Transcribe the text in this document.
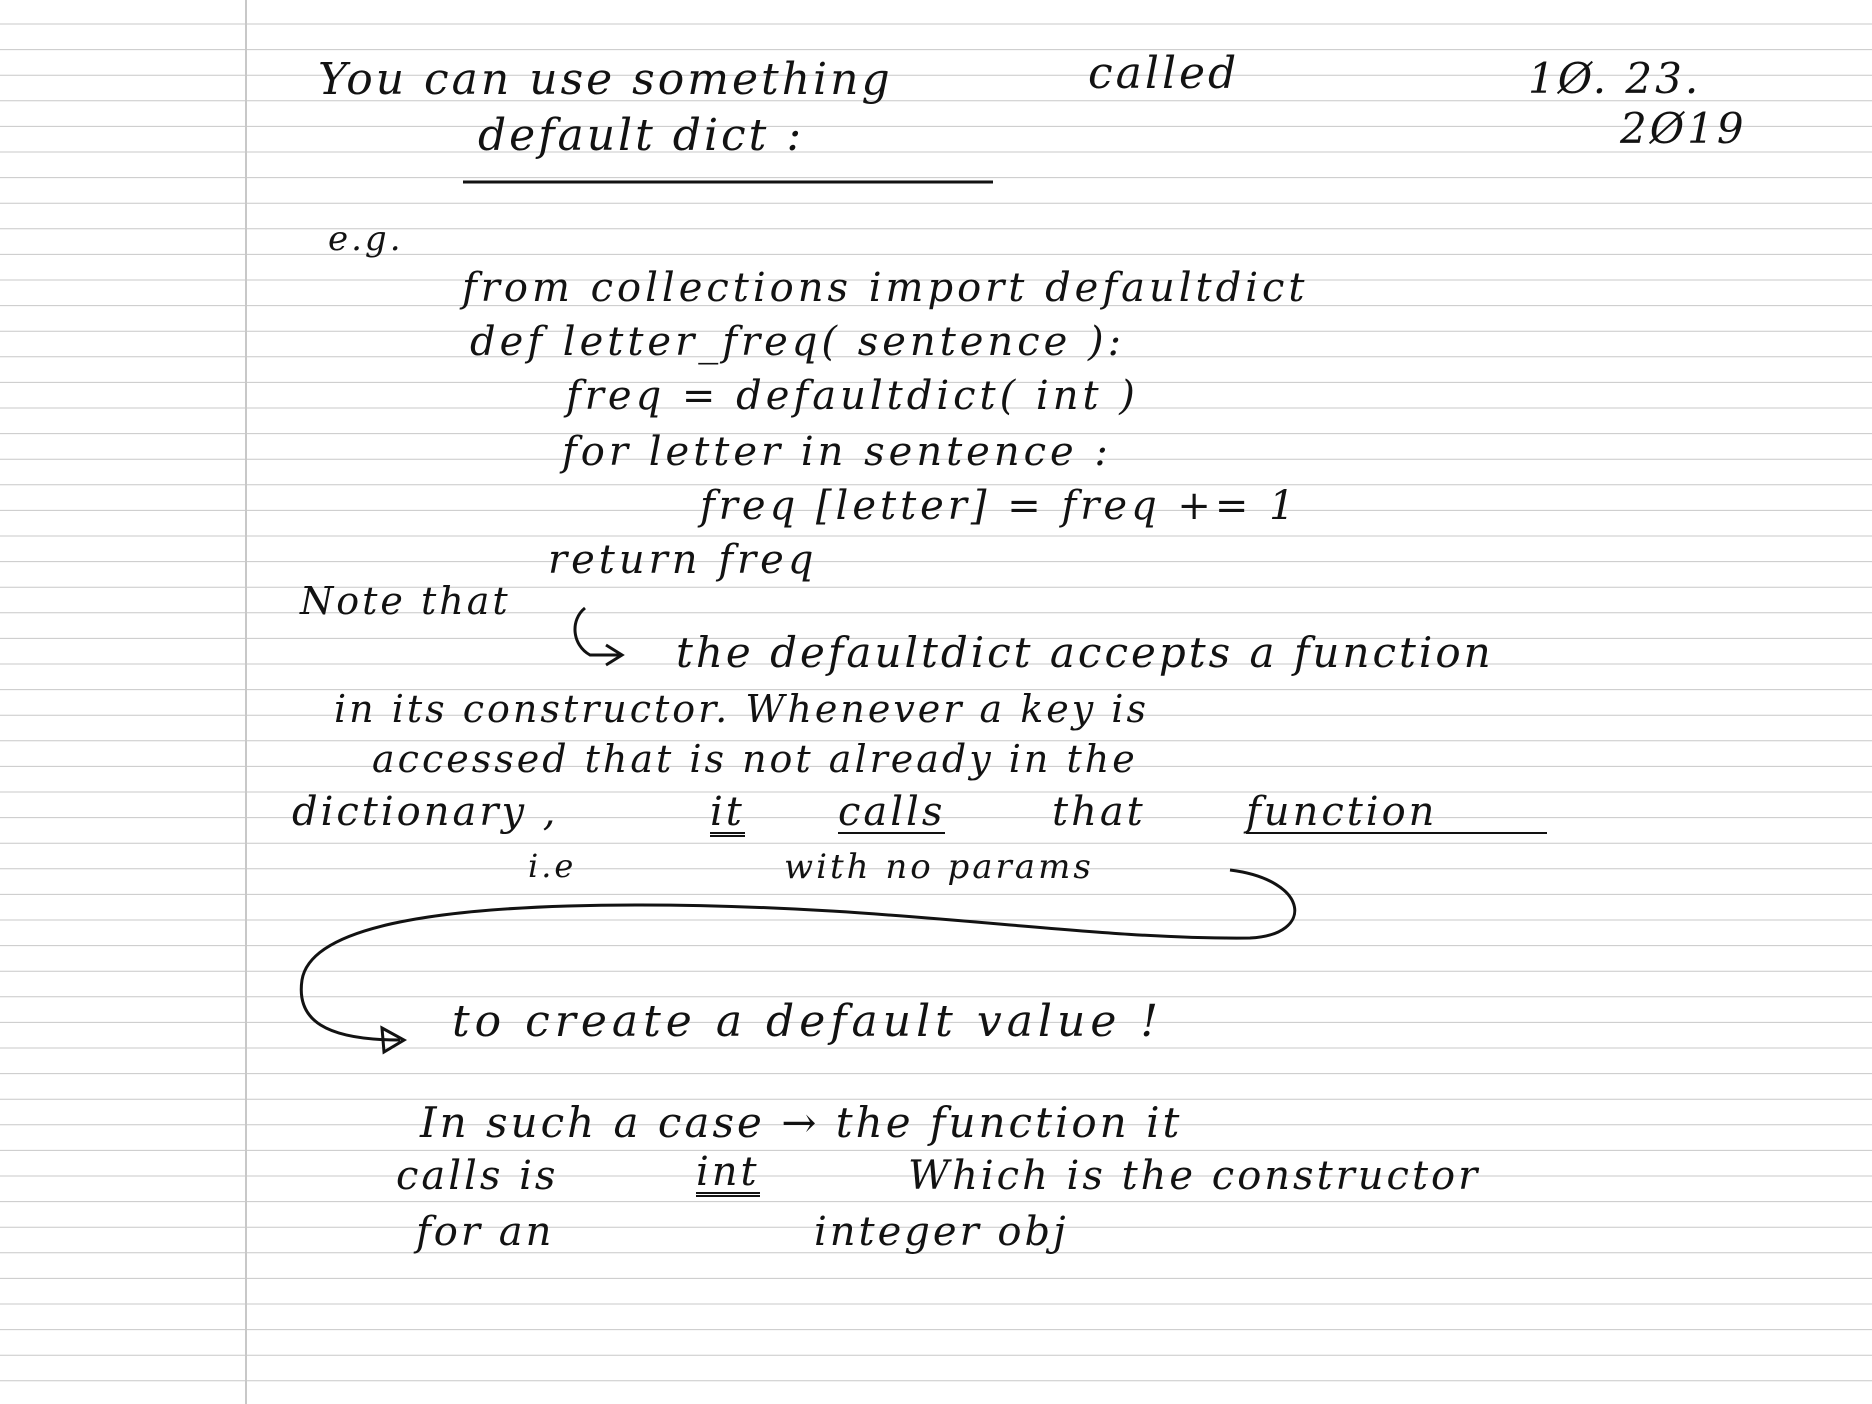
You can use something	called	1Ø. 23.
2Ø19
default dict :
e.g.
from collections import defaultdict
def letter_freq( sentence ):
freq = defaultdict( int )
for letter in sentence :
freq [letter] = freq += 1
return freq
Note that
the defaultdict accepts a function
in its constructor. Whenever a key is
accessed that is not already in the
dictionary ,	it calls	that	function
i.e	with no params
to create a default value !
In such a case → the function it
calls is	int	Which is the constructor
for an	integer obj
